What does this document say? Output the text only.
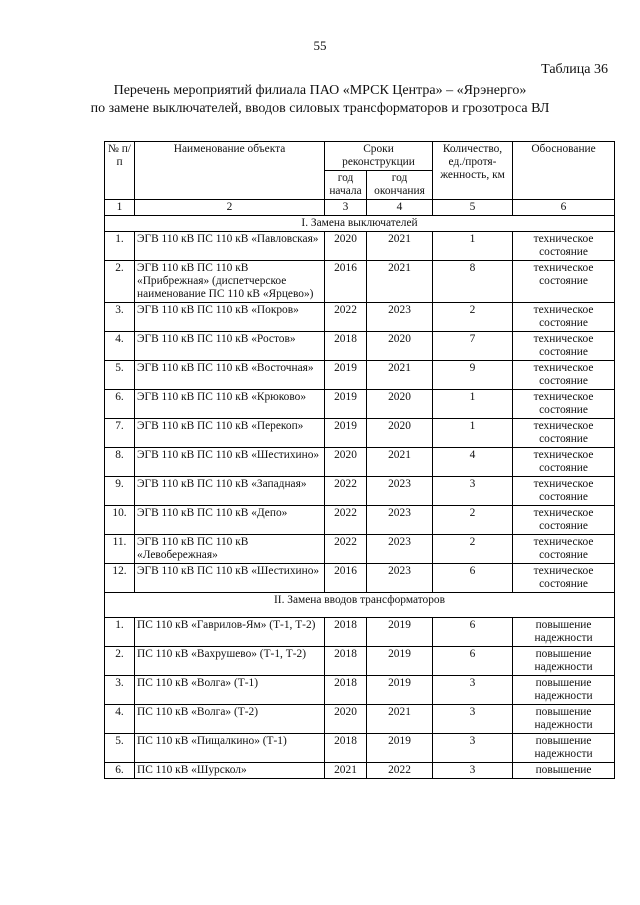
55
Таблица 36
Перечень мероприятий филиала ПАО «МРСК Центра» – «Ярэнерго»
по замене выключателей, вводов силовых трансформаторов и грозотроса ВЛ
№ п/п	Наименование объекта	Сроки реконструкции		Количество, ед./протя-женность, км	Обоснование
		год начала	год окончания		
1	2	3	4	5	6
I. Замена выключателей					
1.	ЭГВ 110 кВ ПС 110 кВ «Павловская»	2020	2021	1	техническое состояние
2.	ЭГВ 110 кВ ПС 110 кВ «Прибрежная» (диспетчерское наименование ПС 110 кВ «Ярцево»)	2016	2021	8	техническое состояние
3.	ЭГВ 110 кВ ПС 110 кВ «Покров»	2022	2023	2	техническое состояние
4.	ЭГВ 110 кВ ПС 110 кВ «Ростов»	2018	2020	7	техническое состояние
5.	ЭГВ 110 кВ ПС 110 кВ «Восточная»	2019	2021	9	техническое состояние
6.	ЭГВ 110 кВ ПС 110 кВ «Крюково»	2019	2020	1	техническое состояние
7.	ЭГВ 110 кВ ПС 110 кВ «Перекоп»	2019	2020	1	техническое состояние
8.	ЭГВ 110 кВ ПС 110 кВ «Шестихино»	2020	2021	4	техническое состояние
9.	ЭГВ 110 кВ ПС 110 кВ «Западная»	2022	2023	3	техническое состояние
10.	ЭГВ 110 кВ ПС 110 кВ «Депо»	2022	2023	2	техническое состояние
11.	ЭГВ 110 кВ ПС 110 кВ «Левобережная»	2022	2023	2	техническое состояние
12.	ЭГВ 110 кВ ПС 110 кВ «Шестихино»	2016	2023	6	техническое состояние
II. Замена вводов трансформаторов					
1.	ПС 110 кВ «Гаврилов-Ям» (Т-1, Т-2)	2018	2019	6	повышение надежности
2.	ПС 110 кВ «Вахрушево» (Т-1, Т-2)	2018	2019	6	повышение надежности
3.	ПС 110 кВ «Волга» (Т-1)	2018	2019	3	повышение надежности
4.	ПС 110 кВ «Волга» (Т-2)	2020	2021	3	повышение надежности
5.	ПС 110 кВ «Пищалкино» (Т-1)	2018	2019	3	повышение надежности
6.	ПС 110 кВ «Шурскол»	2021	2022	3	повышение
